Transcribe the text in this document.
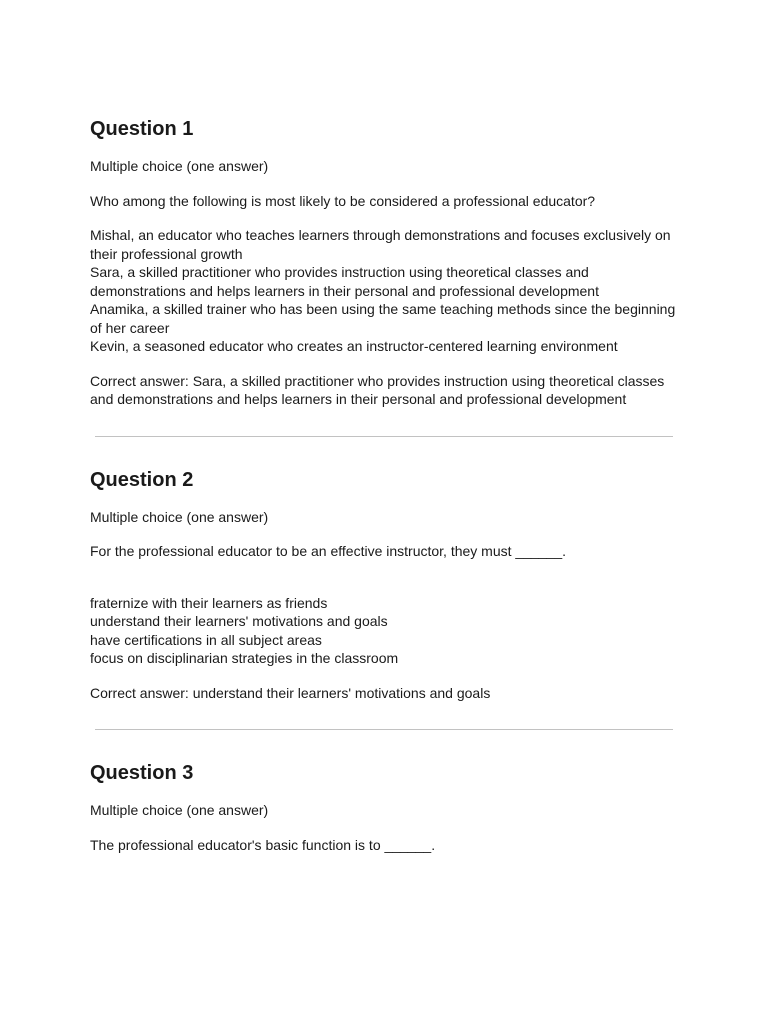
Question 1

Multiple choice (one answer)

Who among the following is most likely to be considered a professional educator?

Mishal, an educator who teaches learners through demonstrations and focuses exclusively on their professional growth
Sara, a skilled practitioner who provides instruction using theoretical classes and demonstrations and helps learners in their personal and professional development
Anamika, a skilled trainer who has been using the same teaching methods since the beginning of her career
Kevin, a seasoned educator who creates an instructor-centered learning environment

Correct answer: Sara, a skilled practitioner who provides instruction using theoretical classes and demonstrations and helps learners in their personal and professional development

Question 2

Multiple choice (one answer)

For the professional educator to be an effective instructor, they must ______.

fraternize with their learners as friends
understand their learners' motivations and goals
have certifications in all subject areas
focus on disciplinarian strategies in the classroom

Correct answer: understand their learners' motivations and goals

Question 3

Multiple choice (one answer)

The professional educator's basic function is to ______.
